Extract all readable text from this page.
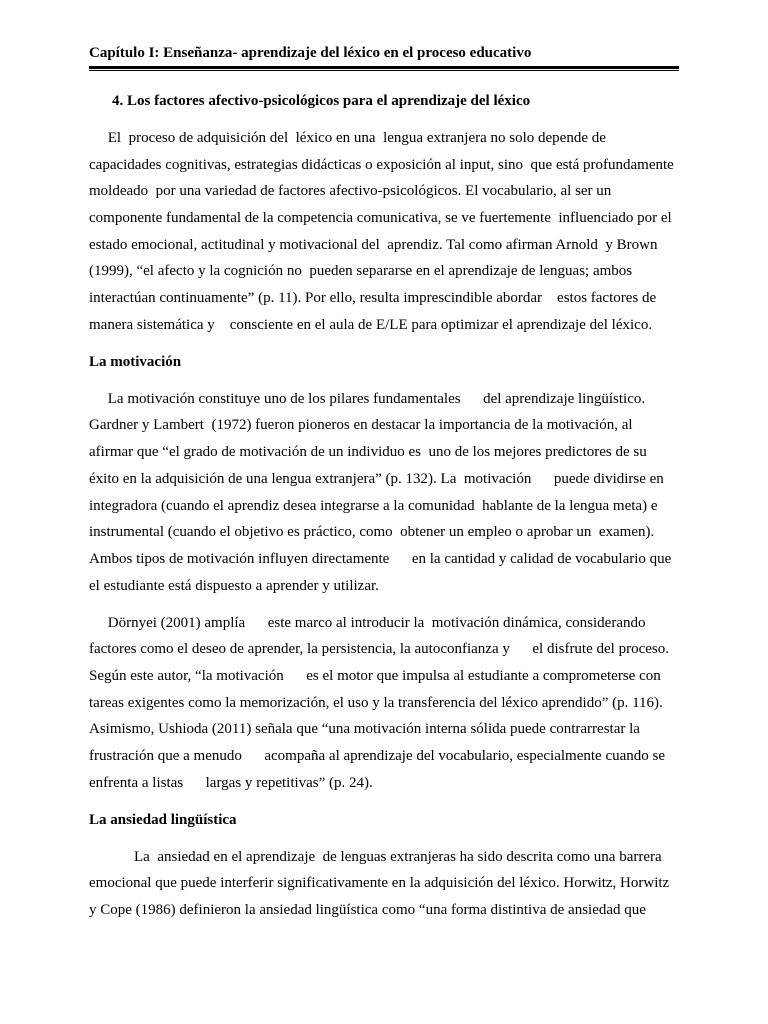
Capítulo I: Enseñanza- aprendizaje del léxico en el proceso educativo

4. Los factores afectivo-psicológicos para el aprendizaje del léxico

El  proceso de adquisición del  léxico en una  lengua extranjera no solo depende de
capacidades cognitivas, estrategias didácticas o exposición al input, sino  que está profundamente
moldeado  por una variedad de factores afectivo-psicológicos. El vocabulario, al ser un
componente fundamental de la competencia comunicativa, se ve fuertemente  influenciado por el
estado emocional, actitudinal y motivacional del  aprendiz. Tal como afirman Arnold  y Brown
(1999), “el afecto y la cognición no  pueden separarse en el aprendizaje de lenguas; ambos
interactúan continuamente” (p. 11). Por ello, resulta imprescindible abordar    estos factores de
manera sistemática y    consciente en el aula de E/LE para optimizar el aprendizaje del léxico.

La motivación

La motivación constituye uno de los pilares fundamentales      del aprendizaje lingüístico.
Gardner y Lambert  (1972) fueron pioneros en destacar la importancia de la motivación, al
afirmar que “el grado de motivación de un individuo es  uno de los mejores predictores de su
éxito en la adquisición de una lengua extranjera” (p. 132). La  motivación      puede dividirse en
integradora (cuando el aprendiz desea integrarse a la comunidad  hablante de la lengua meta) e
instrumental (cuando el objetivo es práctico, como  obtener un empleo o aprobar un  examen).
Ambos tipos de motivación influyen directamente      en la cantidad y calidad de vocabulario que
el estudiante está dispuesto a aprender y utilizar.
Dörnyei (2001) amplía      este marco al introducir la  motivación dinámica, considerando
factores como el deseo de aprender, la persistencia, la autoconfianza y      el disfrute del proceso.
Según este autor, “la motivación      es el motor que impulsa al estudiante a comprometerse con
tareas exigentes como la memorización, el uso y la transferencia del léxico aprendido” (p. 116).
Asimismo, Ushioda (2011) señala que “una motivación interna sólida puede contrarrestar la
frustración que a menudo      acompaña al aprendizaje del vocabulario, especialmente cuando se
enfrenta a listas      largas y repetitivas” (p. 24).

La ansiedad lingüística

La  ansiedad en el aprendizaje  de lenguas extranjeras ha sido descrita como una barrera
emocional que puede interferir significativamente en la adquisición del léxico. Horwitz, Horwitz
y Cope (1986) definieron la ansiedad lingüística como “una forma distintiva de ansiedad que
